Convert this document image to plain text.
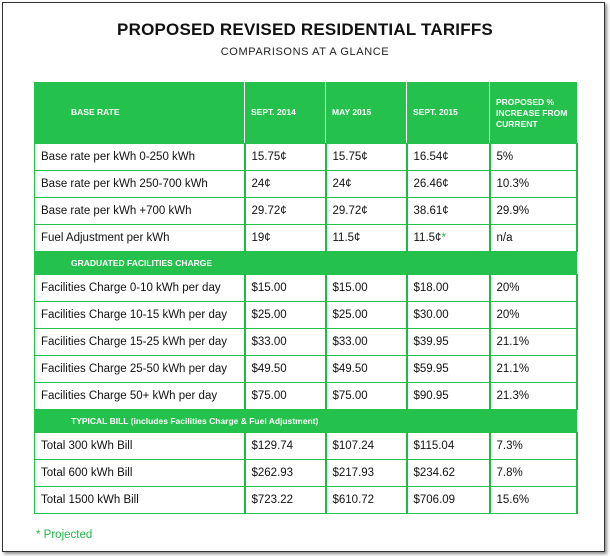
PROPOSED REVISED RESIDENTIAL TARIFFS
COMPARISONS AT A GLANCE
BASE RATE	SEPT. 2014	MAY 2015	SEPT. 2015	PROPOSED % INCREASE FROM CURRENT
Base rate per kWh 0-250 kWh	15.75¢	15.75¢	16.54¢	5%
Base rate per kWh 250-700 kWh	24¢	24¢	26.46¢	10.3%
Base rate per kWh +700 kWh	29.72¢	29.72¢	38.61¢	29.9%
Fuel Adjustment per kWh	19¢	11.5¢	11.5¢*	n/a
GRADUATED FACILITIES CHARGE				
Facilities Charge 0-10 kWh per day	$15.00	$15.00	$18.00	20%
Facilities Charge 10-15 kWh per day	$25.00	$25.00	$30.00	20%
Facilities Charge 15-25 kWh per day	$33.00	$33.00	$39.95	21.1%
Facilities Charge 25-50 kWh per day	$49.50	$49.50	$59.95	21.1%
Facilities Charge 50+ kWh per day	$75.00	$75.00	$90.95	21.3%
TYPICAL BILL (includes Facilities Charge & Fuel Adjustment)				
Total 300 kWh Bill	$129.74	$107.24	$115.04	7.3%
Total 600 kWh Bill	$262.93	$217.93	$234.62	7.8%
Total 1500 kWh Bill	$723.22	$610.72	$706.09	15.6%
* Projected
